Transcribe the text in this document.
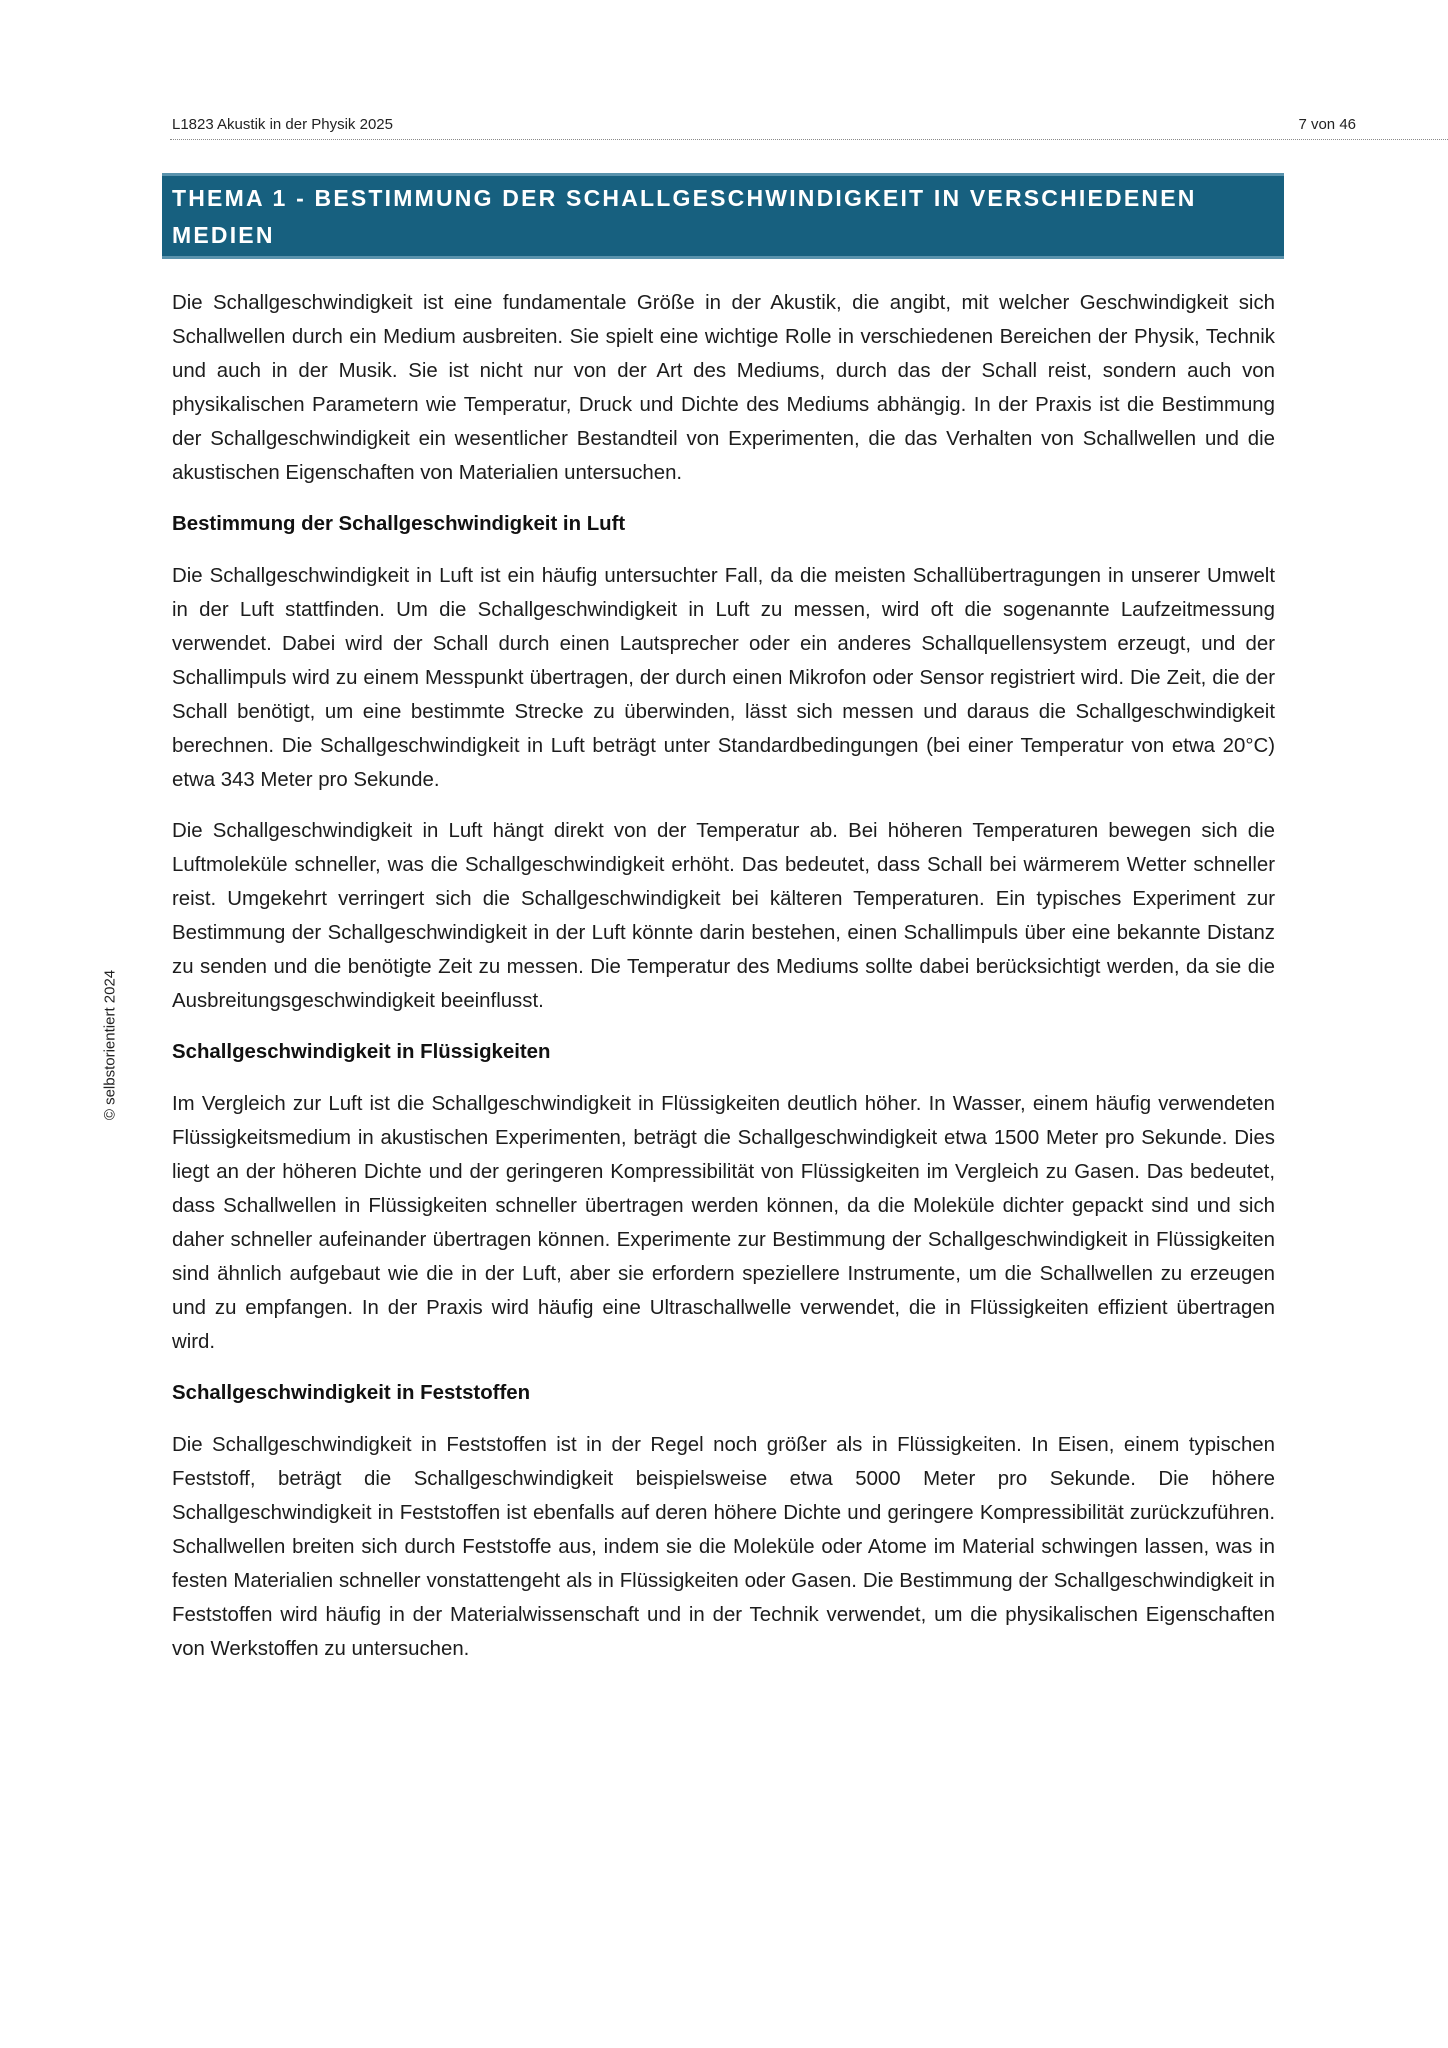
L1823 Akustik in der Physik 2025	7 von 46
THEMA 1 - BESTIMMUNG DER SCHALLGESCHWINDIGKEIT IN VERSCHIEDENEN
MEDIEN
© selbstorientiert 2024

Die Schallgeschwindigkeit ist eine fundamentale Größe in der Akustik, die angibt, mit welcher Geschwindigkeit sich Schallwellen durch ein Medium ausbreiten. Sie spielt eine wichtige Rolle in verschiedenen Bereichen der Physik, Technik und auch in der Musik. Sie ist nicht nur von der Art des Mediums, durch das der Schall reist, sondern auch von physikalischen Parametern wie Temperatur, Druck und Dichte des Mediums abhängig. In der Praxis ist die Bestimmung der Schallgeschwindigkeit ein wesentlicher Bestandteil von Experimenten, die das Verhalten von Schallwellen und die akustischen Eigenschaften von Materialien untersuchen.

Bestimmung der Schallgeschwindigkeit in Luft

Die Schallgeschwindigkeit in Luft ist ein häufig untersuchter Fall, da die meisten Schallübertragungen in unserer Umwelt in der Luft stattfinden. Um die Schallgeschwindigkeit in Luft zu messen, wird oft die sogenannte Laufzeitmessung verwendet. Dabei wird der Schall durch einen Lautsprecher oder ein anderes Schallquellensystem erzeugt, und der Schallimpuls wird zu einem Messpunkt übertragen, der durch einen Mikrofon oder Sensor registriert wird. Die Zeit, die der Schall benötigt, um eine bestimmte Strecke zu überwinden, lässt sich messen und daraus die Schallgeschwindigkeit berechnen. Die Schallgeschwindigkeit in Luft beträgt unter Standardbedingungen (bei einer Temperatur von etwa 20°C) etwa 343 Meter pro Sekunde.

Die Schallgeschwindigkeit in Luft hängt direkt von der Temperatur ab. Bei höheren Temperaturen bewegen sich die Luftmoleküle schneller, was die Schallgeschwindigkeit erhöht. Das bedeutet, dass Schall bei wärmerem Wetter schneller reist. Umgekehrt verringert sich die Schallgeschwindigkeit bei kälteren Temperaturen. Ein typisches Experiment zur Bestimmung der Schallgeschwindigkeit in der Luft könnte darin bestehen, einen Schallimpuls über eine bekannte Distanz zu senden und die benötigte Zeit zu messen. Die Temperatur des Mediums sollte dabei berücksichtigt werden, da sie die Ausbreitungsgeschwindigkeit beeinflusst.

Schallgeschwindigkeit in Flüssigkeiten

Im Vergleich zur Luft ist die Schallgeschwindigkeit in Flüssigkeiten deutlich höher. In Wasser, einem häufig verwendeten Flüssigkeitsmedium in akustischen Experimenten, beträgt die Schallgeschwindigkeit etwa 1500 Meter pro Sekunde. Dies liegt an der höheren Dichte und der geringeren Kompressibilität von Flüssigkeiten im Vergleich zu Gasen. Das bedeutet, dass Schallwellen in Flüssigkeiten schneller übertragen werden können, da die Moleküle dichter gepackt sind und sich daher schneller aufeinander übertragen können. Experimente zur Bestimmung der Schallgeschwindigkeit in Flüssigkeiten sind ähnlich aufgebaut wie die in der Luft, aber sie erfordern speziellere Instrumente, um die Schallwellen zu erzeugen und zu empfangen. In der Praxis wird häufig eine Ultraschallwelle verwendet, die in Flüssigkeiten effizient übertragen wird.

Schallgeschwindigkeit in Feststoffen

Die Schallgeschwindigkeit in Feststoffen ist in der Regel noch größer als in Flüssigkeiten. In Eisen, einem typischen Feststoff, beträgt die Schallgeschwindigkeit beispielsweise etwa 5000 Meter pro Sekunde. Die höhere Schallgeschwindigkeit in Feststoffen ist ebenfalls auf deren höhere Dichte und geringere Kompressibilität zurückzuführen. Schallwellen breiten sich durch Feststoffe aus, indem sie die Moleküle oder Atome im Material schwingen lassen, was in festen Materialien schneller vonstattengeht als in Flüssigkeiten oder Gasen. Die Bestimmung der Schallgeschwindigkeit in Feststoffen wird häufig in der Materialwissenschaft und in der Technik verwendet, um die physikalischen Eigenschaften von Werkstoffen zu untersuchen.
